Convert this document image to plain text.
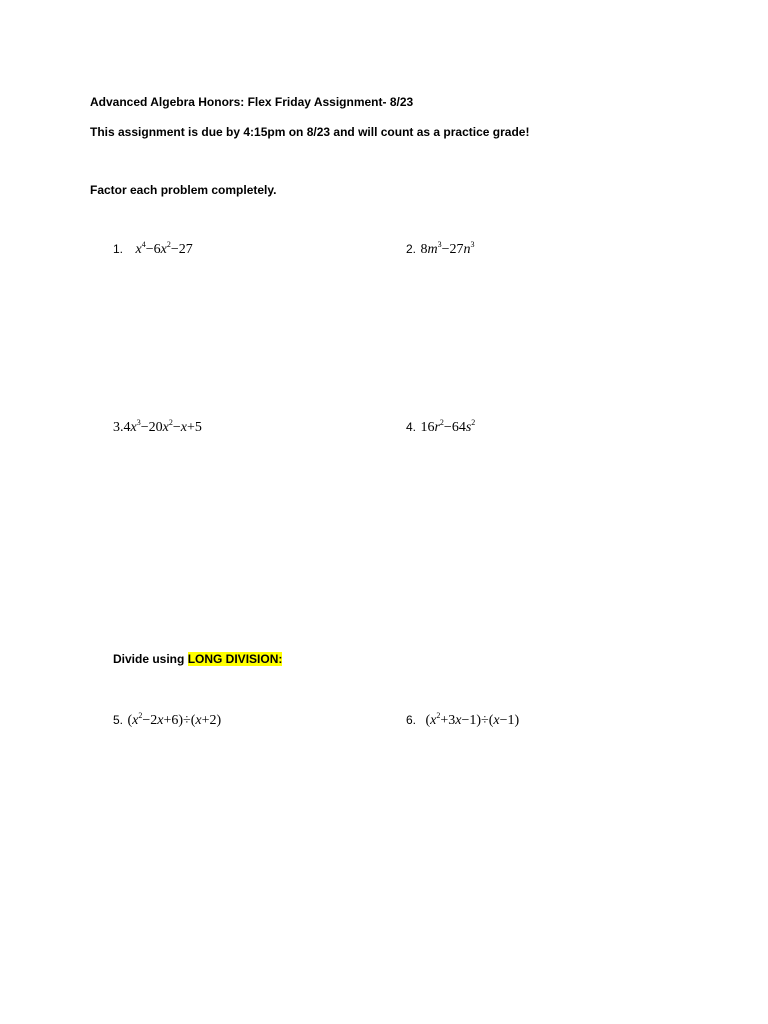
Advanced Algebra Honors: Flex Friday Assignment- 8/23
This assignment is due by 4:15pm on 8/23 and will count as a practice grade!
Factor each problem completely.
1. $x^4-6x^2-27$	2. $8m^3-27n^3$
$3.4x^3-20x^2-x+5$	4. $16r^2-64s^2$
Divide using LONG DIVISION:
5. $(x^2-2x+6)\div(x+2)$	6. $(x^2+3x-1)\div(x-1)$
